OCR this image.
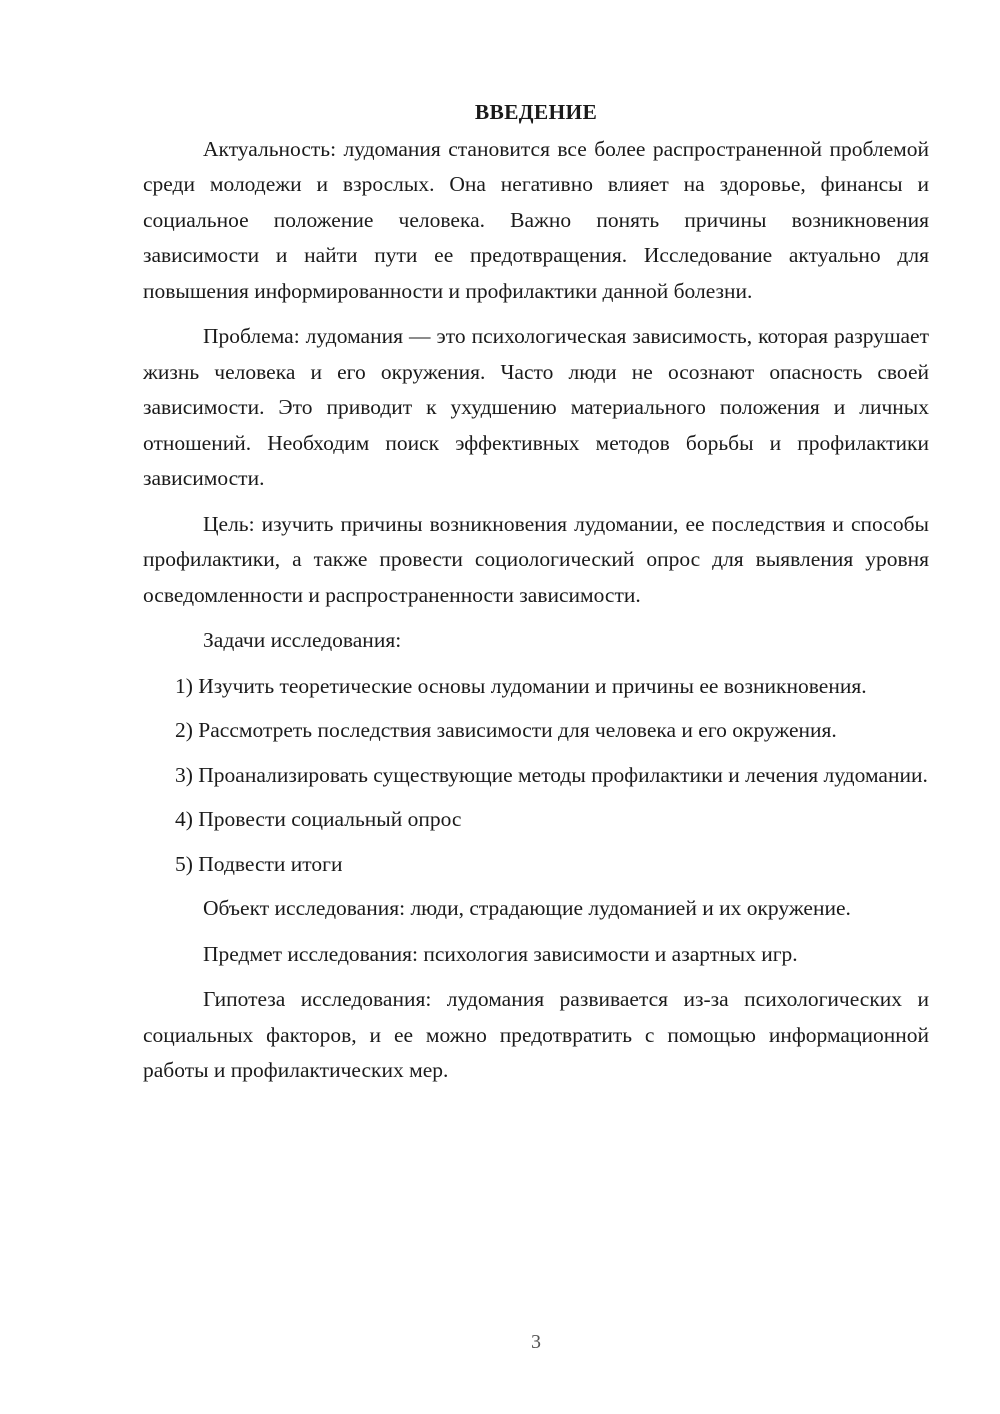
ВВЕДЕНИЕ

Актуальность: лудомания становится все более распространенной проблемой среди молодежи и взрослых. Она негативно влияет на здоровье, финансы и социальное положение человека. Важно понять причины возникновения зависимости и найти пути ее предотвращения. Исследование актуально для повышения информированности и профилактики данной болезни.

Проблема: лудомания — это психологическая зависимость, которая разрушает жизнь человека и его окружения. Часто люди не осознают опасность своей зависимости. Это приводит к ухудшению материального положения и личных отношений. Необходим поиск эффективных методов борьбы и профилактики зависимости.

Цель: изучить причины возникновения лудомании, ее последствия и способы профилактики, а также провести социологический опрос для выявления уровня осведомленности и распространенности зависимости.

Задачи исследования:

1) Изучить теоретические основы лудомании и причины ее возникновения.

2) Рассмотреть последствия зависимости для человека и его окружения.

3) Проанализировать существующие методы профилактики и лечения лудомании.

4) Провести социальный опрос

5) Подвести итоги

Объект исследования: люди, страдающие лудоманией и их окружение.

Предмет исследования: психология зависимости и азартных игр.

Гипотеза исследования: лудомания развивается из-за психологических и социальных факторов, и ее можно предотвратить с помощью информационной работы и профилактических мер.

3
